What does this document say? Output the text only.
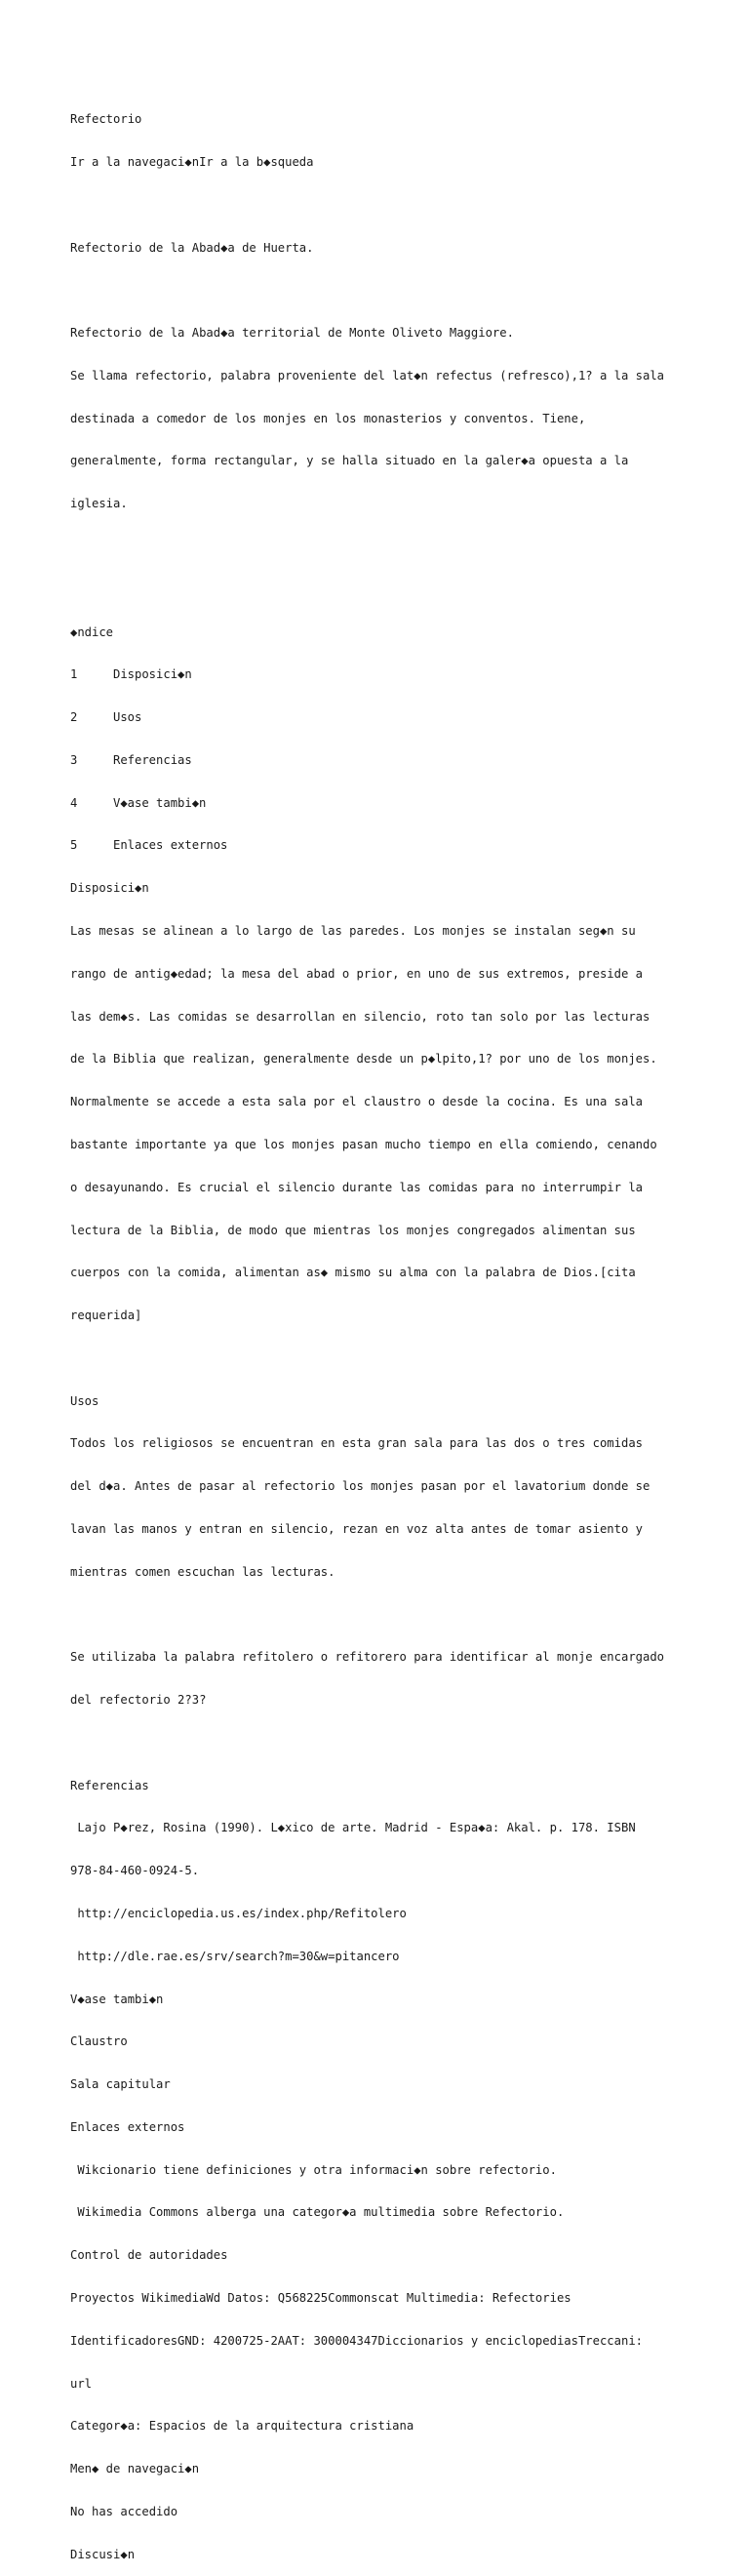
Refectorio

Ir a la navegaci◆nIr a la b◆squeda

Refectorio de la Abad◆a de Huerta.

Refectorio de la Abad◆a territorial de Monte Oliveto Maggiore.

Se llama refectorio, palabra proveniente del lat◆n refectus (refresco),1? a la sala

destinada a comedor de los monjes en los monasterios y conventos. Tiene,

generalmente, forma rectangular, y se halla situado en la galer◆a opuesta a la

iglesia.

◆ndice

1	Disposici◆n

2	Usos

3	Referencias

4	V◆ase tambi◆n

5	Enlaces externos

Disposici◆n

Las mesas se alinean a lo largo de las paredes. Los monjes se instalan seg◆n su

rango de antig◆edad; la mesa del abad o prior, en uno de sus extremos, preside a

las dem◆s. Las comidas se desarrollan en silencio, roto tan solo por las lecturas

de la Biblia que realizan, generalmente desde un p◆lpito,1? por uno de los monjes.

Normalmente se accede a esta sala por el claustro o desde la cocina. Es una sala

bastante importante ya que los monjes pasan mucho tiempo en ella comiendo, cenando

o desayunando. Es crucial el silencio durante las comidas para no interrumpir la

lectura de la Biblia, de modo que mientras los monjes congregados alimentan sus

cuerpos con la comida, alimentan as◆ mismo su alma con la palabra de Dios.[cita

requerida]

Usos

Todos los religiosos se encuentran en esta gran sala para las dos o tres comidas

del d◆a. Antes de pasar al refectorio los monjes pasan por el lavatorium donde se

lavan las manos y entran en silencio, rezan en voz alta antes de tomar asiento y

mientras comen escuchan las lecturas.

Se utilizaba la palabra refitolero o refitorero para identificar al monje encargado

del refectorio 2?3?

Referencias

Lajo P◆rez, Rosina (1990). L◆xico de arte. Madrid - Espa◆a: Akal. p. 178. ISBN

978-84-460-0924-5.

http://enciclopedia.us.es/index.php/Refitolero

http://dle.rae.es/srv/search?m=30&w=pitancero

V◆ase tambi◆n

Claustro

Sala capitular

Enlaces externos

Wikcionario tiene definiciones y otra informaci◆n sobre refectorio.

Wikimedia Commons alberga una categor◆a multimedia sobre Refectorio.

Control de autoridades

Proyectos WikimediaWd Datos: Q568225Commonscat Multimedia: Refectories

IdentificadoresGND: 4200725-2AAT: 300004347Diccionarios y enciclopediasTreccani:

url

Categor◆a: Espacios de la arquitectura cristiana

Men◆ de navegaci◆n

No has accedido

Discusi◆n
